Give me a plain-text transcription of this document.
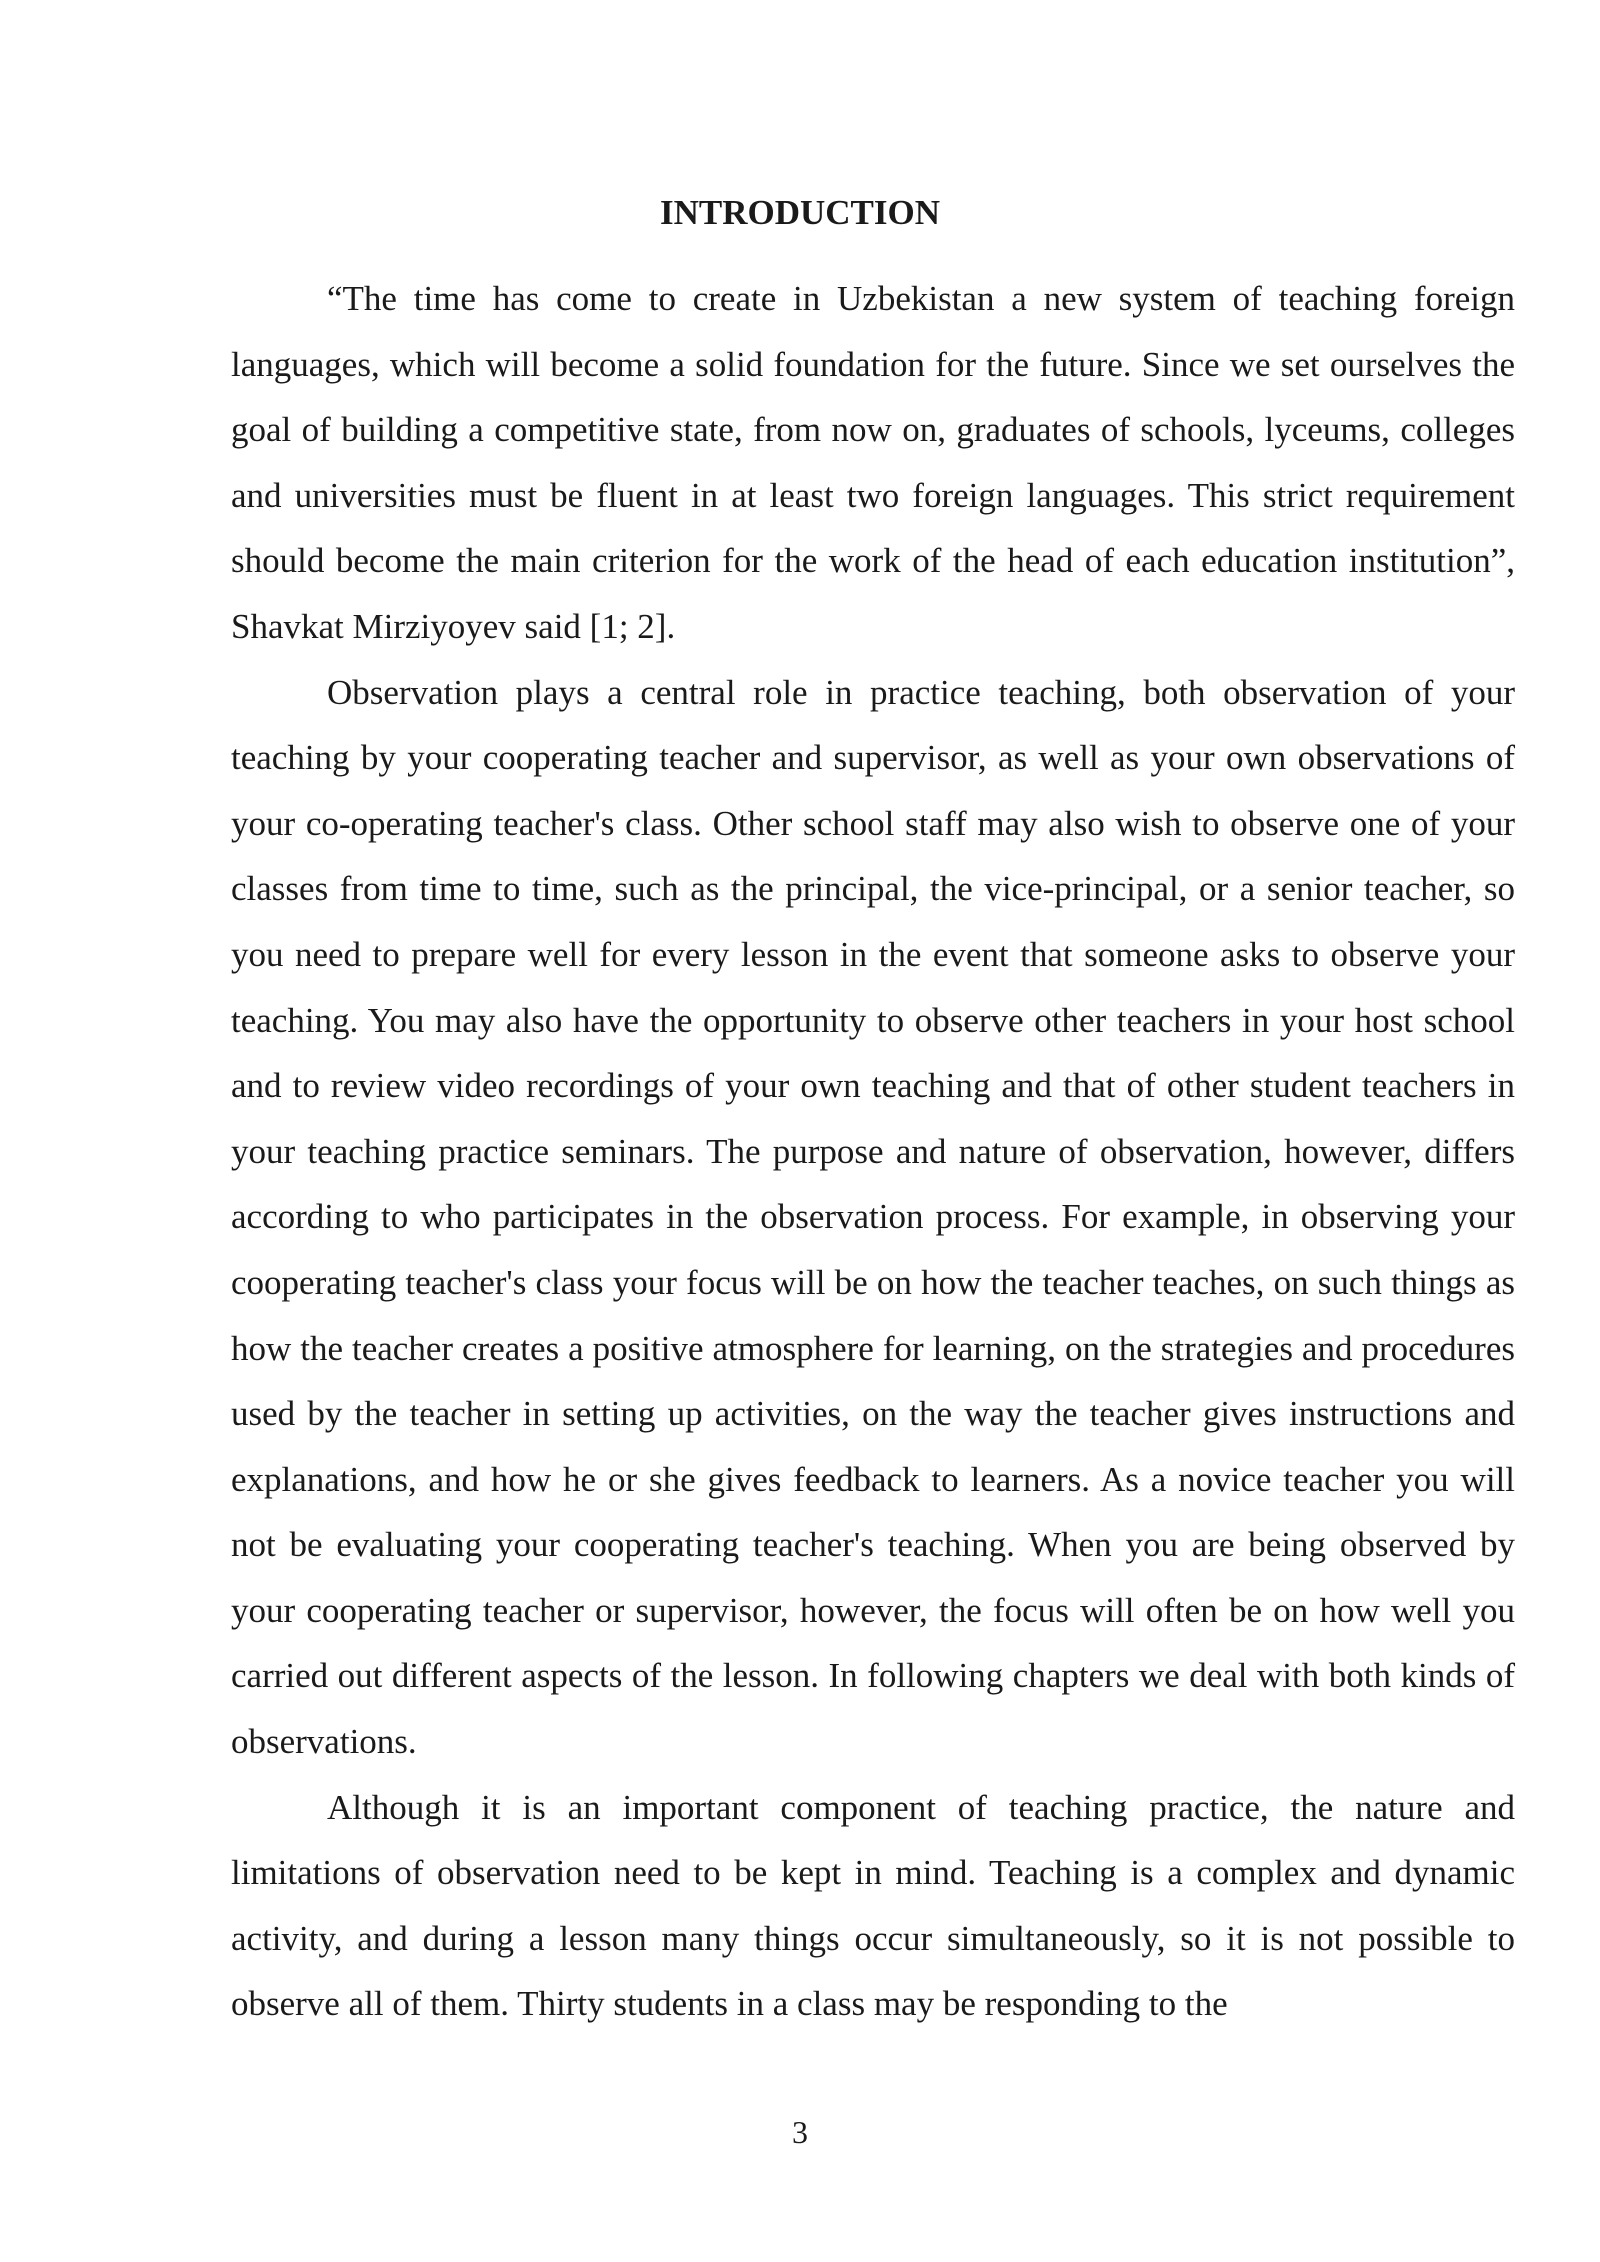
INTRODUCTION

“The time has come to create in Uzbekistan a new system of teaching foreign languages, which will become a solid foundation for the future. Since we set ourselves the goal of building a competitive state, from now on, graduates of schools, lyceums, colleges and universities must be fluent in at least two foreign languages. This strict requirement should become the main criterion for the work of the head of each education institution”, Shavkat Mirziyoyev said [1; 2].

Observation plays a central role in practice teaching, both observation of your teaching by your cooperating teacher and supervisor, as well as your own observations of your co-operating teacher's class. Other school staff may also wish to observe one of your classes from time to time, such as the principal, the vice-principal, or a senior teacher, so you need to prepare well for every lesson in the event that someone asks to observe your teaching. You may also have the opportunity to observe other teachers in your host school and to review video recordings of your own teaching and that of other student teachers in your teaching practice seminars. The purpose and nature of observation, however, differs according to who participates in the observation process. For example, in observing your cooperating teacher's class your focus will be on how the teacher teaches, on such things as how the teacher creates a positive atmosphere for learning, on the strategies and procedures used by the teacher in setting up activities, on the way the teacher gives instructions and explanations, and how he or she gives feedback to learners. As a novice teacher you will not be evaluating your cooperating teacher's teaching. When you are being observed by your cooperating teacher or supervisor, however, the focus will often be on how well you carried out different aspects of the lesson. In following chapters we deal with both kinds of observations.

Although it is an important component of teaching practice, the nature and limitations of observation need to be kept in mind. Teaching is a complex and dynamic activity, and during a lesson many things occur simultaneously, so it is not possible to observe all of them. Thirty students in a class may be responding to the

3
